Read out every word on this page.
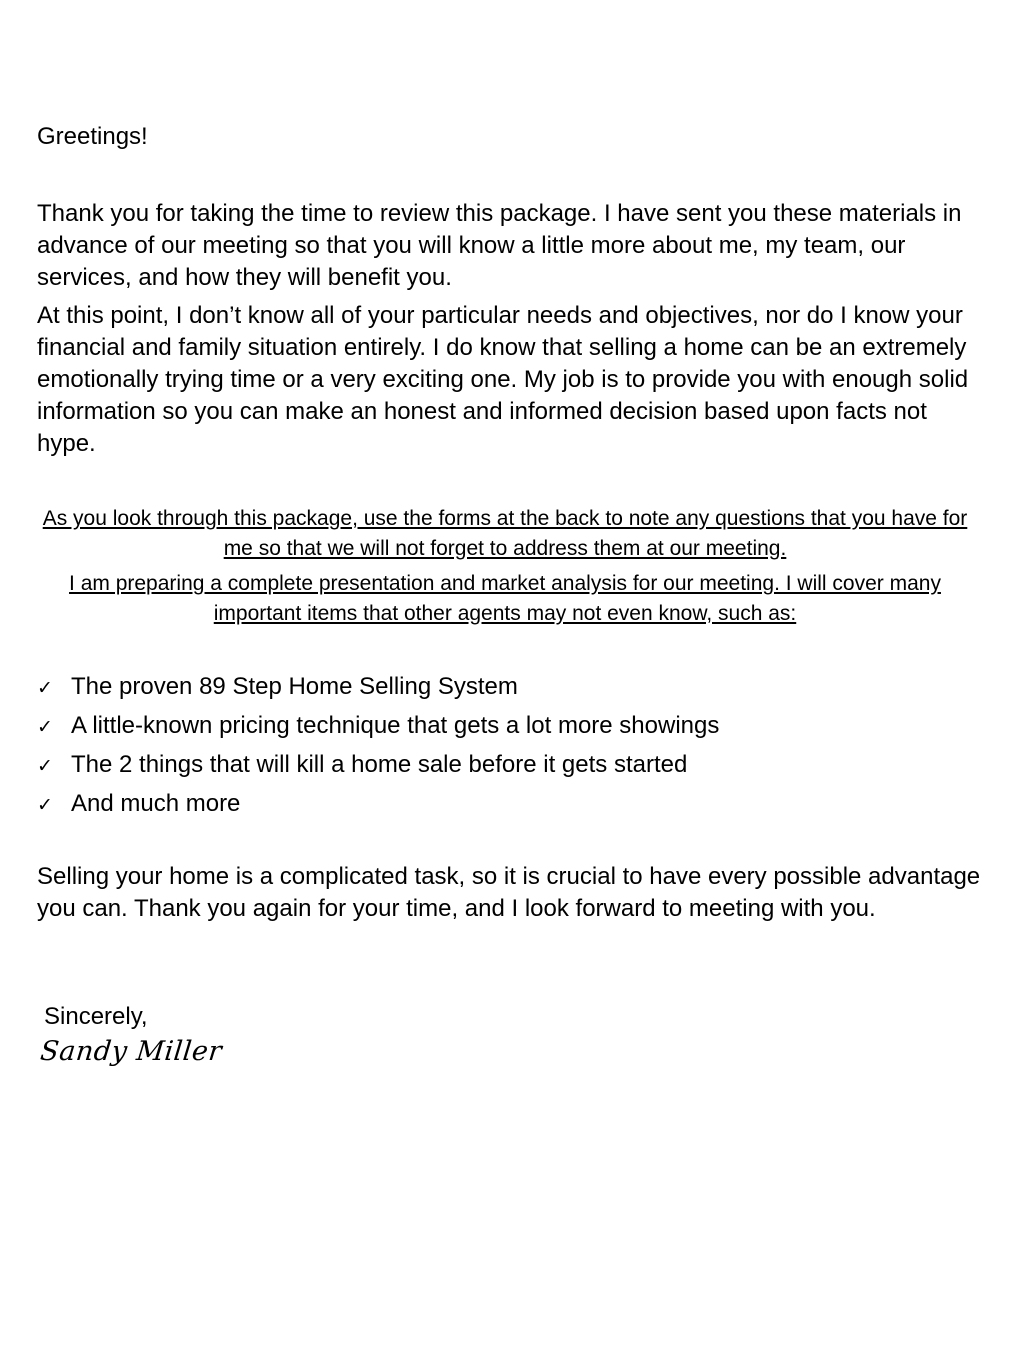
Greetings!

Thank you for taking the time to review this package. I have sent you these materials in advance of our meeting so that you will know a little more about me, my team, our services, and how they will benefit you.

At this point, I don’t know all of your particular needs and objectives, nor do I know your financial and family situation entirely. I do know that selling a home can be an extremely emotionally trying time or a very exciting one. My job is to provide you with enough solid information so you can make an honest and informed decision based upon facts not hype.

As you look through this package, use the forms at the back to note any questions that you have for me so that we will not forget to address them at our meeting.

I am preparing a complete presentation and market analysis for our meeting. I will cover many important items that other agents may not even know, such as:

✓ The proven 89 Step Home Selling System
✓ A little-known pricing technique that gets a lot more showings
✓ The 2 things that will kill a home sale before it gets started
✓ And much more

Selling your home is a complicated task, so it is crucial to have every possible advantage you can. Thank you again for your time, and I look forward to meeting with you.

Sincerely,

Sandy Miller
